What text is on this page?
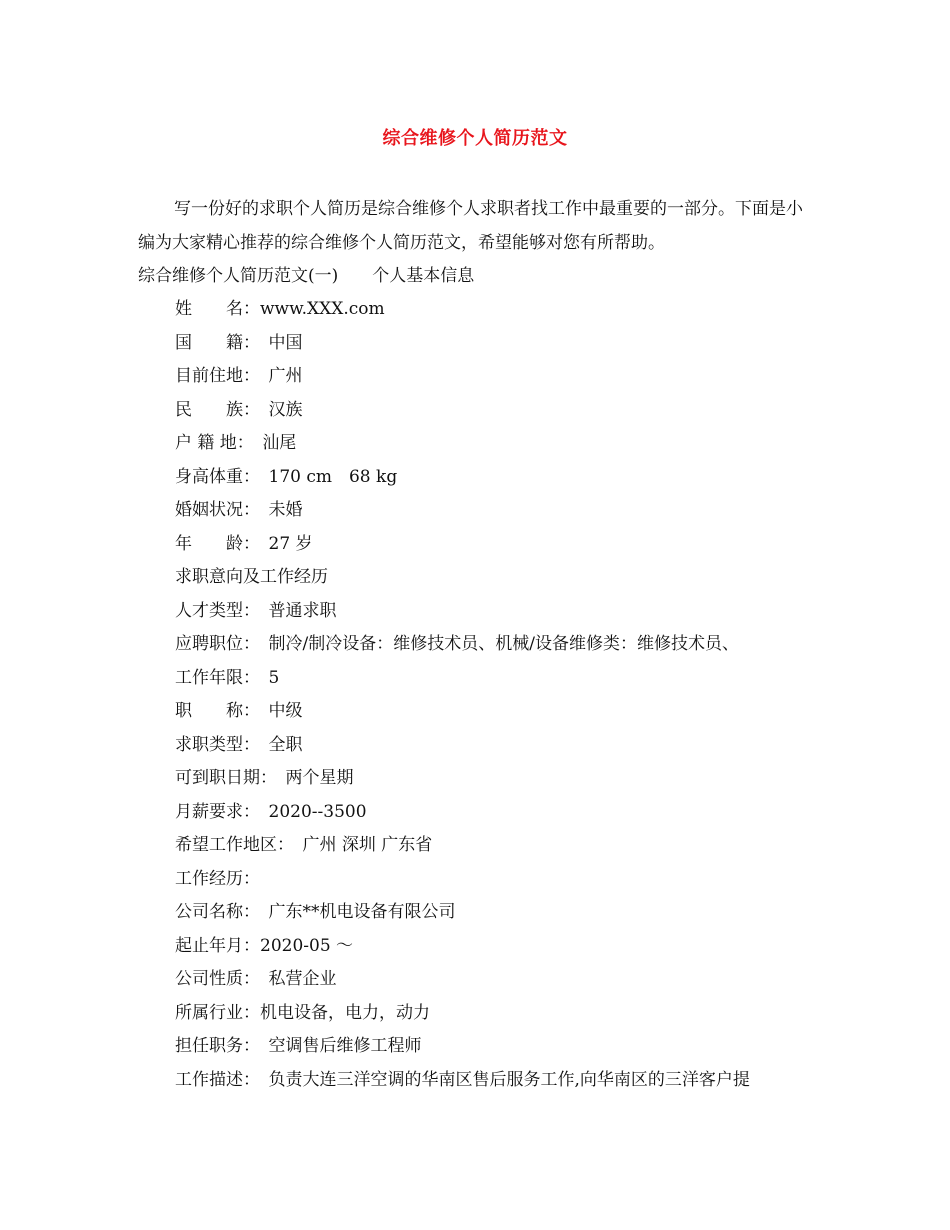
综合维修个人简历范文

写一份好的求职个人简历是综合维修个人求职者找工作中最重要的一部分。下面是小编为大家精心推荐的综合维修个人简历范文，希望能够对您有所帮助。

综合维修个人简历范文(一)　　个人基本信息
姓　　名：www.XXX.com
国　　籍：　中国
目前住地：　广州
民　　族：　汉族
户 籍 地：　汕尾
身高体重：　170 cm　68 kg
婚姻状况：　未婚
年　　龄：　27 岁
求职意向及工作经历
人才类型：　普通求职
应聘职位：　制冷/制冷设备：维修技术员、机械/设备维修类：维修技术员、
工作年限：　5
职　　称：　中级
求职类型：　全职
可到职日期：　两个星期
月薪要求：　2020--3500
希望工作地区：　广州 深圳 广东省
工作经历：
公司名称：　广东**机电设备有限公司
起止年月：2020-05 ～
公司性质：　私营企业
所属行业：机电设备，电力，动力
担任职务：　空调售后维修工程师
工作描述：　负责大连三洋空调的华南区售后服务工作,向华南区的三洋客户提
